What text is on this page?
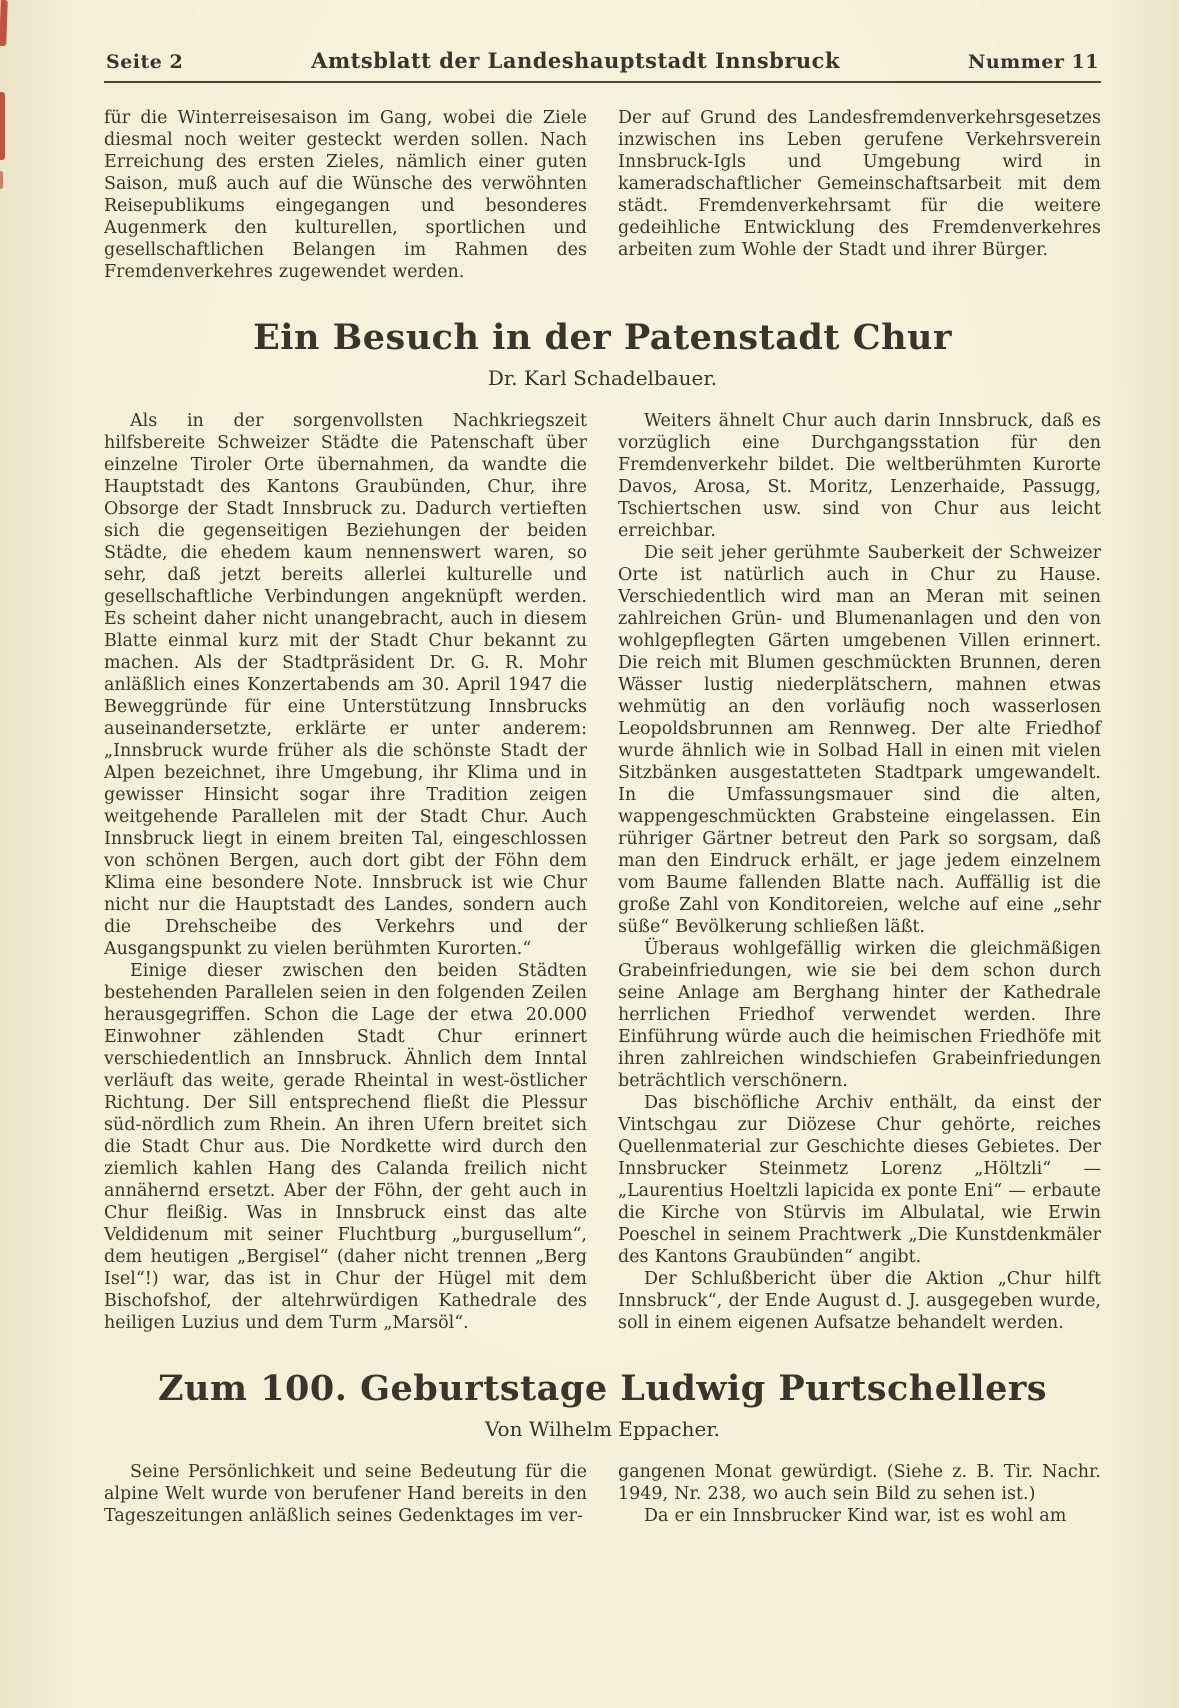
Seite 2	Amtsblatt der Landeshauptstadt Innsbruck	Nummer 11

für die Winterreisesaison im Gang, wobei die Ziele diesmal noch weiter gesteckt werden sollen. Nach Erreichung des ersten Zieles, nämlich einer guten Saison, muß auch auf die Wünsche des verwöhnten Reisepublikums eingegangen und besonderes Augenmerk den kulturellen, sportlichen und gesellschaftlichen Belangen im Rahmen des Fremdenverkehres zugewendet werden.

Der auf Grund des Landesfremdenverkehrsgesetzes inzwischen ins Leben gerufene Verkehrsverein Innsbruck-Igls und Umgebung wird in kameradschaftlicher Gemeinschaftsarbeit mit dem städt. Fremdenverkehrsamt für die weitere gedeihliche Entwicklung des Fremdenverkehres arbeiten zum Wohle der Stadt und ihrer Bürger.

Ein Besuch in der Patenstadt Chur
Dr. Karl Schadelbauer.

Als in der sorgenvollsten Nachkriegszeit hilfsbereite Schweizer Städte die Patenschaft über einzelne Tiroler Orte übernahmen, da wandte die Hauptstadt des Kantons Graubünden, Chur, ihre Obsorge der Stadt Innsbruck zu. Dadurch vertieften sich die gegenseitigen Beziehungen der beiden Städte, die ehedem kaum nennenswert waren, so sehr, daß jetzt bereits allerlei kulturelle und gesellschaftliche Verbindungen angeknüpft werden. Es scheint daher nicht unangebracht, auch in diesem Blatte einmal kurz mit der Stadt Chur bekannt zu machen. Als der Stadtpräsident Dr. G. R. Mohr anläßlich eines Konzertabends am 30. April 1947 die Beweggründe für eine Unterstützung Innsbrucks auseinandersetzte, erklärte er unter anderem: „Innsbruck wurde früher als die schönste Stadt der Alpen bezeichnet, ihre Umgebung, ihr Klima und in gewisser Hinsicht sogar ihre Tradition zeigen weitgehende Parallelen mit der Stadt Chur. Auch Innsbruck liegt in einem breiten Tal, eingeschlossen von schönen Bergen, auch dort gibt der Föhn dem Klima eine besondere Note. Innsbruck ist wie Chur nicht nur die Hauptstadt des Landes, sondern auch die Drehscheibe des Verkehrs und der Ausgangspunkt zu vielen berühmten Kurorten.“

Einige dieser zwischen den beiden Städten bestehenden Parallelen seien in den folgenden Zeilen herausgegriffen. Schon die Lage der etwa 20.000 Einwohner zählenden Stadt Chur erinnert verschiedentlich an Innsbruck. Ähnlich dem Inntal verläuft das weite, gerade Rheintal in west-östlicher Richtung. Der Sill entsprechend fließt die Plessur süd-nördlich zum Rhein. An ihren Ufern breitet sich die Stadt Chur aus. Die Nordkette wird durch den ziemlich kahlen Hang des Calanda freilich nicht annähernd ersetzt. Aber der Föhn, der geht auch in Chur fleißig. Was in Innsbruck einst das alte Veldidenum mit seiner Fluchtburg „burgusellum“, dem heutigen „Bergisel“ (daher nicht trennen „Berg Isel“!) war, das ist in Chur der Hügel mit dem Bischofshof, der altehrwürdigen Kathedrale des heiligen Luzius und dem Turm „Marsöl“.

Weiters ähnelt Chur auch darin Innsbruck, daß es vorzüglich eine Durchgangsstation für den Fremdenverkehr bildet. Die weltberühmten Kurorte Davos, Arosa, St. Moritz, Lenzerhaide, Passugg, Tschiertschen usw. sind von Chur aus leicht erreichbar.

Die seit jeher gerühmte Sauberkeit der Schweizer Orte ist natürlich auch in Chur zu Hause. Verschiedentlich wird man an Meran mit seinen zahlreichen Grün- und Blumenanlagen und den von wohlgepflegten Gärten umgebenen Villen erinnert. Die reich mit Blumen geschmückten Brunnen, deren Wässer lustig niederplätschern, mahnen etwas wehmütig an den vorläufig noch wasserlosen Leopoldsbrunnen am Rennweg. Der alte Friedhof wurde ähnlich wie in Solbad Hall in einen mit vielen Sitzbänken ausgestatteten Stadtpark umgewandelt. In die Umfassungsmauer sind die alten, wappengeschmückten Grabsteine eingelassen. Ein rühriger Gärtner betreut den Park so sorgsam, daß man den Eindruck erhält, er jage jedem einzelnem vom Baume fallenden Blatte nach. Auffällig ist die große Zahl von Konditoreien, welche auf eine „sehr süße“ Bevölkerung schließen läßt.

Überaus wohlgefällig wirken die gleichmäßigen Grabeinfriedungen, wie sie bei dem schon durch seine Anlage am Berghang hinter der Kathedrale herrlichen Friedhof verwendet werden. Ihre Einführung würde auch die heimischen Friedhöfe mit ihren zahlreichen windschiefen Grabeinfriedungen beträchtlich verschönern.

Das bischöfliche Archiv enthält, da einst der Vintschgau zur Diözese Chur gehörte, reiches Quellenmaterial zur Geschichte dieses Gebietes. Der Innsbrucker Steinmetz Lorenz „Höltzli“ — „Laurentius Hoeltzli lapicida ex ponte Eni“ — erbaute die Kirche von Stürvis im Albulatal, wie Erwin Poeschel in seinem Prachtwerk „Die Kunstdenkmäler des Kantons Graubünden“ angibt.

Der Schlußbericht über die Aktion „Chur hilft Innsbruck“, der Ende August d. J. ausgegeben wurde, soll in einem eigenen Aufsatze behandelt werden.

Zum 100. Geburtstage Ludwig Purtschellers
Von Wilhelm Eppacher.

Seine Persönlichkeit und seine Bedeutung für die alpine Welt wurde von berufener Hand bereits in den Tageszeitungen anläßlich seines Gedenktages im ver-

gangenen Monat gewürdigt. (Siehe z. B. Tir. Nachr. 1949, Nr. 238, wo auch sein Bild zu sehen ist.)

Da er ein Innsbrucker Kind war, ist es wohl am
